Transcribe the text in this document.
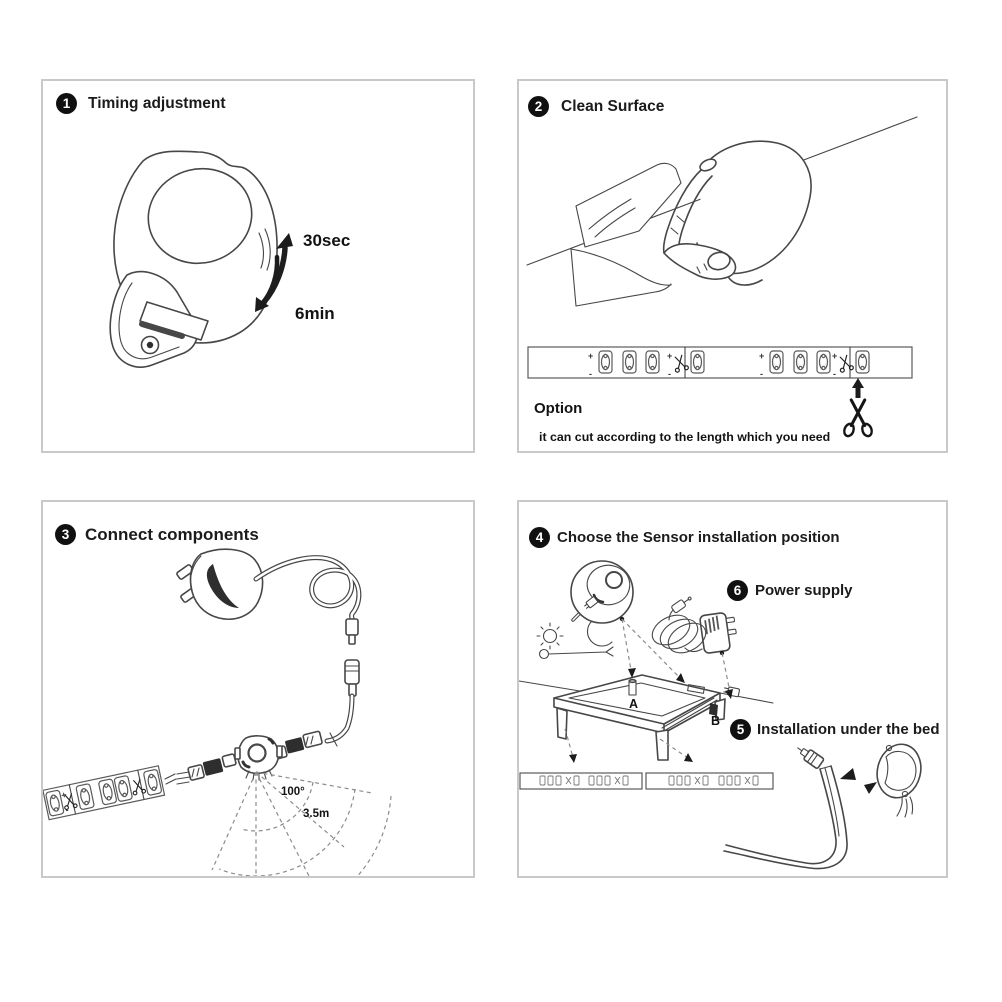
1 Timing adjustment
30sec
6min
2 Clean Surface
+
-
+
-
+
-
+
-
Option
it can cut according to the length which you need
3 Connect components
+
-
100°
3.5m
4 Choose the Sensor installation position
6 Power supply
5 Installation under the bed
A
B
